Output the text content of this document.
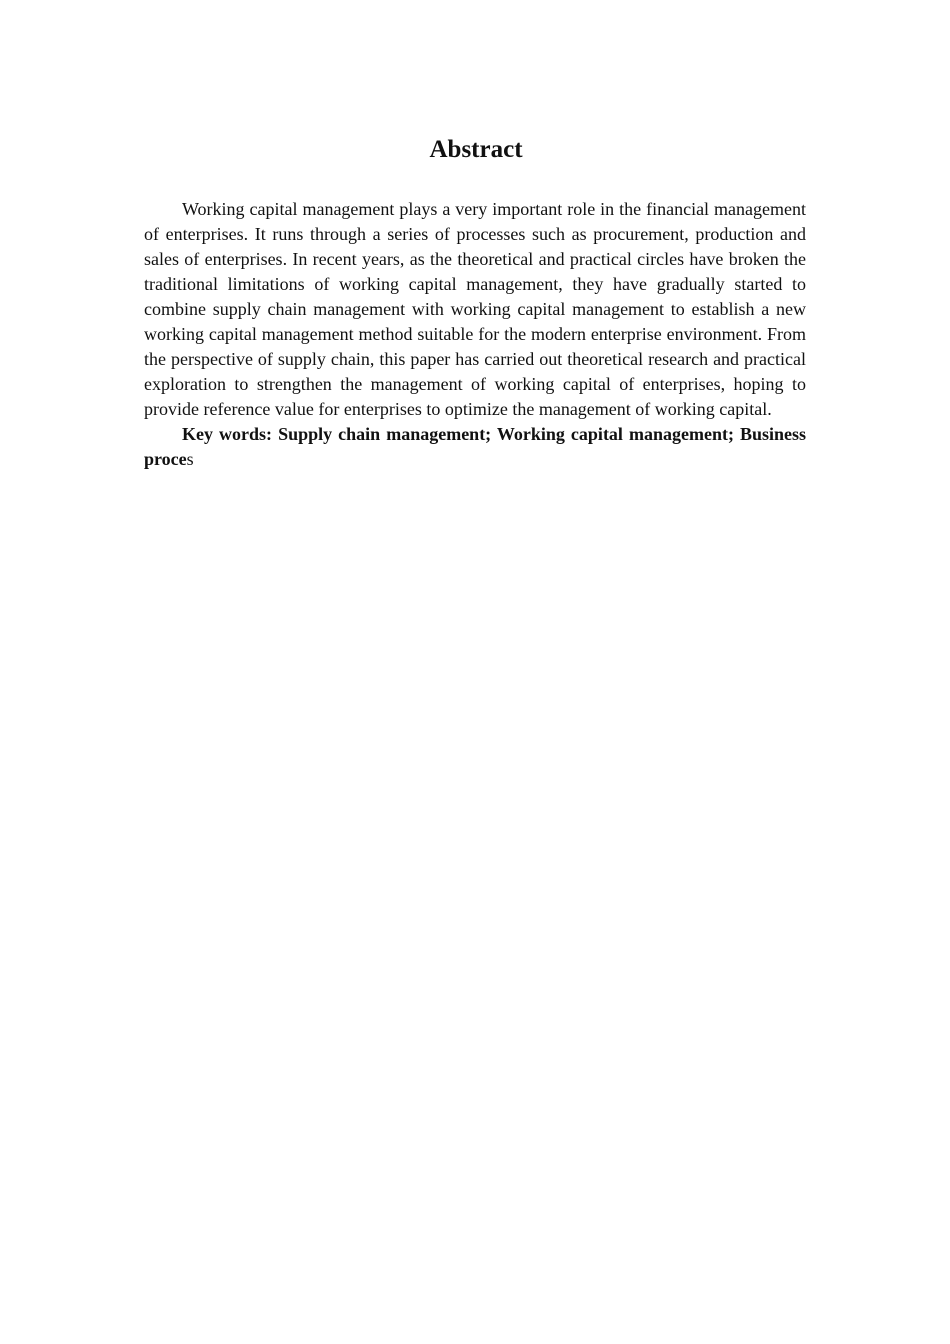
Abstract

Working capital management plays a very important role in the financial management of enterprises. It runs through a series of processes such as procurement, production and sales of enterprises. In recent years, as the theoretical and practical circles have broken the traditional limitations of working capital management, they have gradually started to combine supply chain management with working capital management to establish a new working capital management method suitable for the modern enterprise environment. From the perspective of supply chain, this paper has carried out theoretical research and practical exploration to strengthen the management of working capital of enterprises, hoping to provide reference value for enterprises to optimize the management of working capital.

Key words: Supply chain management; Working capital management; Business proces
